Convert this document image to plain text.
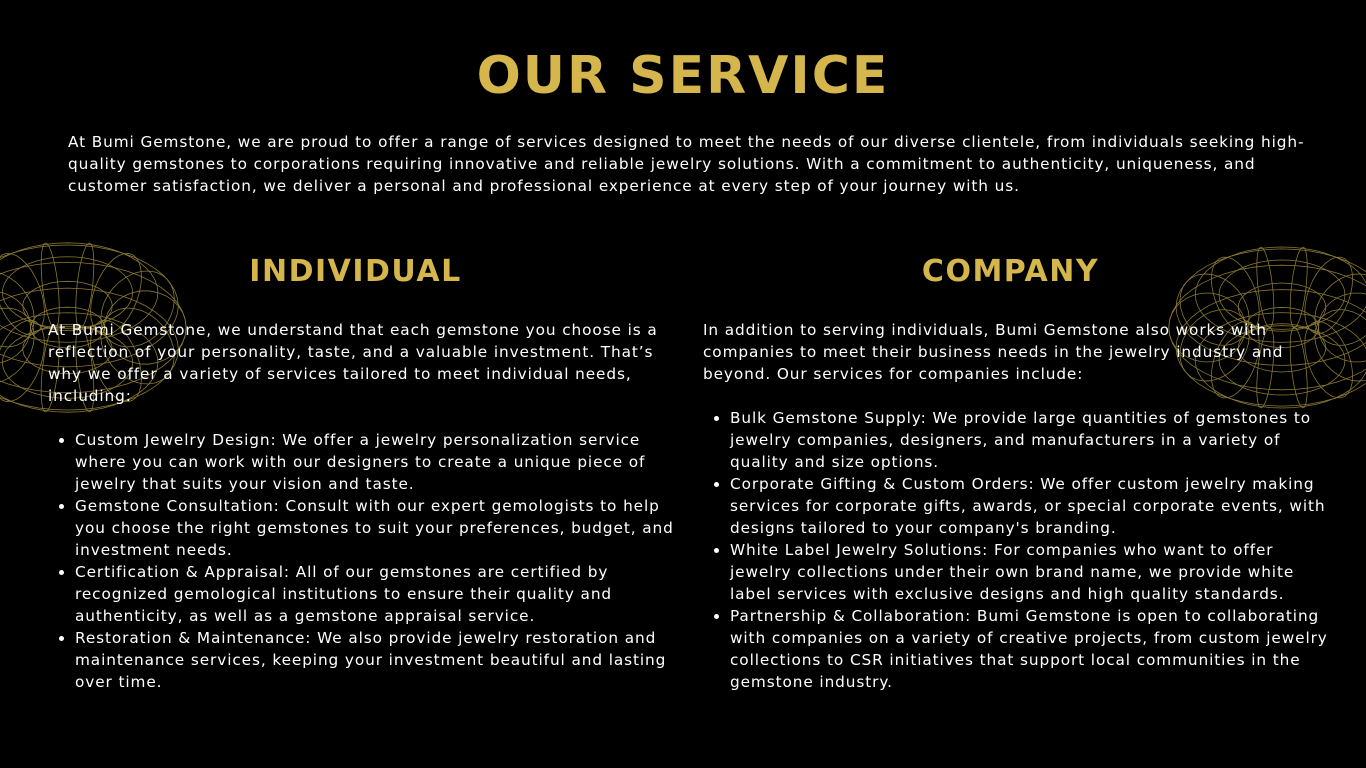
OUR SERVICE

At Bumi Gemstone, we are proud to offer a range of services designed to meet the needs of our diverse clientele, from individuals seeking high-quality gemstones to corporations requiring innovative and reliable jewelry solutions. With a commitment to authenticity, uniqueness, and customer satisfaction, we deliver a personal and professional experience at every step of your journey with us.

INDIVIDUAL

At Bumi Gemstone, we understand that each gemstone you choose is a reflection of your personality, taste, and a valuable investment. That’s why we offer a variety of services tailored to meet individual needs, including:

• Custom Jewelry Design: We offer a jewelry personalization service where you can work with our designers to create a unique piece of jewelry that suits your vision and taste.
• Gemstone Consultation: Consult with our expert gemologists to help you choose the right gemstones to suit your preferences, budget, and investment needs.
• Certification & Appraisal: All of our gemstones are certified by recognized gemological institutions to ensure their quality and authenticity, as well as a gemstone appraisal service.
• Restoration & Maintenance: We also provide jewelry restoration and maintenance services, keeping your investment beautiful and lasting over time.
COMPANY

In addition to serving individuals, Bumi Gemstone also works with companies to meet their business needs in the jewelry industry and beyond. Our services for companies include:

• Bulk Gemstone Supply: We provide large quantities of gemstones to jewelry companies, designers, and manufacturers in a variety of quality and size options.
• Corporate Gifting & Custom Orders: We offer custom jewelry making services for corporate gifts, awards, or special corporate events, with designs tailored to your company's branding.
• White Label Jewelry Solutions: For companies who want to offer jewelry collections under their own brand name, we provide white label services with exclusive designs and high quality standards.
• Partnership & Collaboration: Bumi Gemstone is open to collaborating with companies on a variety of creative projects, from custom jewelry collections to CSR initiatives that support local communities in the gemstone industry.
